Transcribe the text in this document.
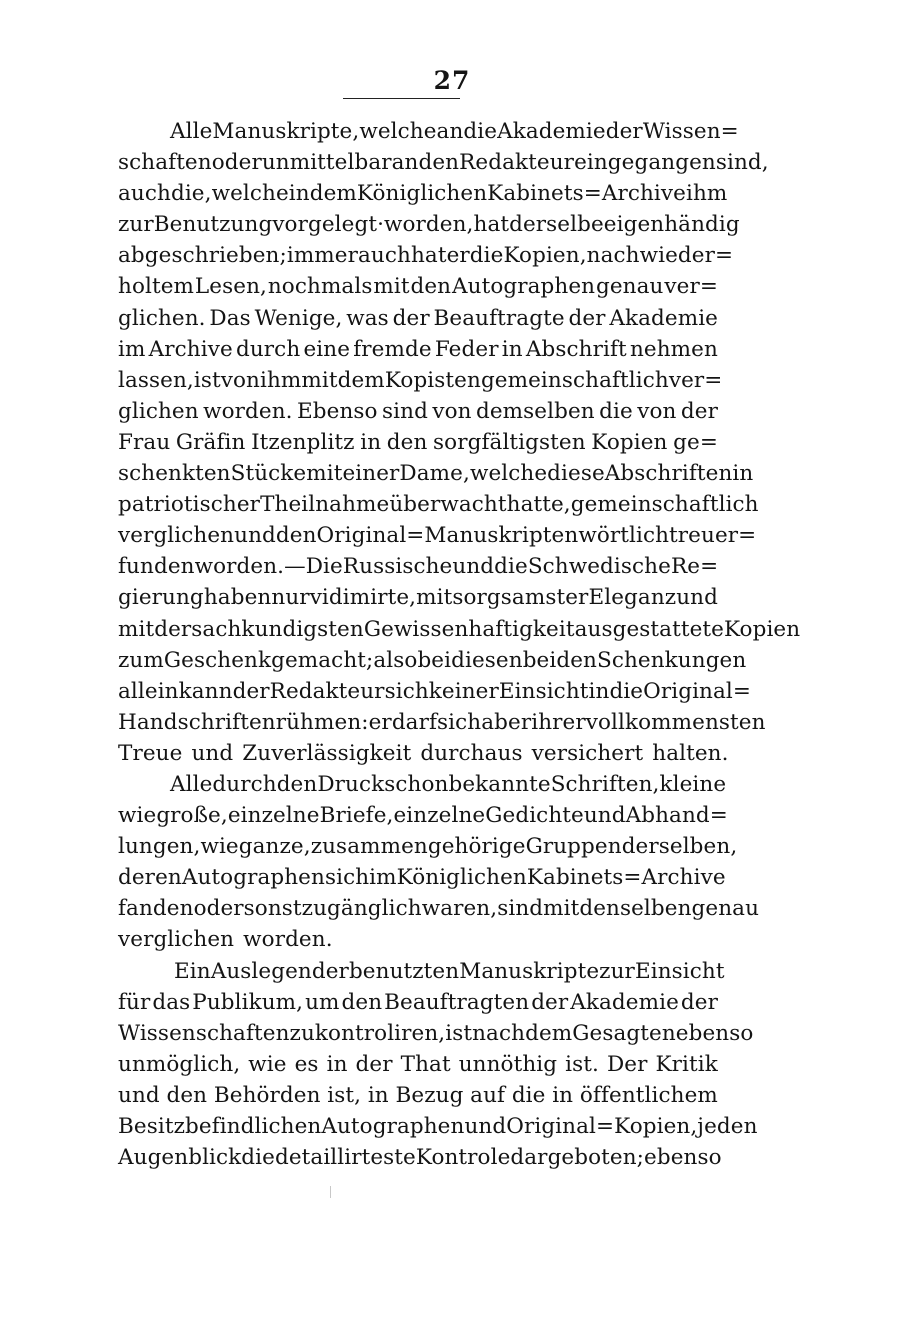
27
Alle Manuskripte, welche an die Akademie der Wissen=
schaften oder unmittelbar an den Redakteur eingegangen sind,
auch die, welche in dem Königlichen Kabinets=Archive ihm
zur Benutzung vorgelegt·worden, hat derselbe eigenhändig
abgeschrieben; immer auch hat er die Kopien, nach wieder=
holtem Lesen, nochmals mit den Autographen genau ver=
glichen. Das Wenige, was der Beauftragte der Akademie
im Archive durch eine fremde Feder in Abschrift nehmen
lassen, ist von ihm mit dem Kopisten gemeinschaftlich ver=
glichen worden. Ebenso sind von demselben die von der
Frau Gräfin Itzenplitz in den sorgfältigsten Kopien ge=
schenkten Stücke mit einer Dame, welche diese Abschriften in
patriotischer Theilnahme überwacht hatte, gemeinschaftlich
verglichen und den Original=Manuskripten wörtlich treu er=
funden worden. — Die Russische und die Schwedische Re=
gierung haben nur vidimirte, mit sorgsamster Eleganz und
mit der sachkundigsten Gewissenhaftigkeit ausgestattete Kopien
zum Geschenk gemacht; also bei diesen beiden Schenkungen
allein kann der Redakteur sich keiner Einsicht in die Original=
Handschriften rühmen: er darf sich aber ihrer vollkommensten
Treue und Zuverlässigkeit durchaus versichert halten.
Alle durch den Druck schon bekannte Schriften, kleine
wie große, einzelne Briefe, einzelne Gedichte und Abhand=
lungen, wie ganze, zusammen gehörige Gruppen derselben,
deren Autographen sich im Königlichen Kabinets=Archive
fanden oder sonst zugänglich waren, sind mit denselben genau
verglichen worden.
Ein Auslegen der benutzten Manuskripte zur Einsicht
für das Publikum, um den Beauftragten der Akademie der
Wissenschaften zu kontroliren, ist nach dem Gesagten eben so
unmöglich, wie es in der That unnöthig ist. Der Kritik
und den Behörden ist, in Bezug auf die in öffentlichem
Besitz befindlichen Autographen und Original=Kopien, jeden
Augenblick die detaillirteste Kontrole dargeboten; eben so
